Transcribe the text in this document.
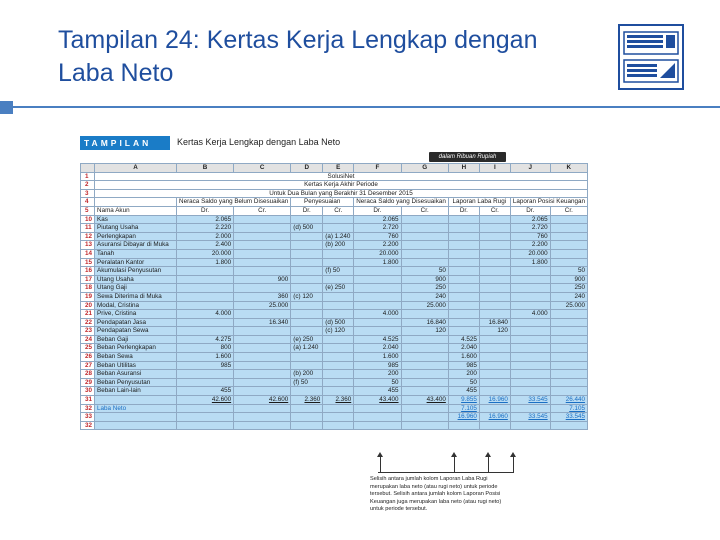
Tampilan 24: Kertas Kerja Lengkap dengan
Laba Neto
TAMPILAN 24
Kertas Kerja Lengkap dengan Laba Neto
dalam Ribuan Rupiah
	A	B	C	D	E	F	G	H	I	J	K
1	SolusiNet										
2	Kertas Kerja Akhir Periode										
3	Untuk Dua Bulan yang Berakhir 31 Desember 2015										
4		Neraca Saldo yang Belum Disesuaikan		Penyesuaian		Neraca Saldo yang Disesuaikan		Laporan Laba Rugi		Laporan Posisi Keuangan	
5	Nama Akun	Dr.	Cr.	Dr.	Cr.	Dr.	Cr.	Dr.	Cr.	Dr.	Cr.
10	Kas	2.065				2.065				2.065	
11	Piutang Usaha	2.220		(d) 500		2.720				2.720	
12	Perlengkapan	2.000			(a) 1.240	760				760	
13	Asuransi Dibayar di Muka	2.400			(b) 200	2.200				2.200	
14	Tanah	20.000				20.000				20.000	
15	Peralatan Kantor	1.800				1.800				1.800	
16	Akumulasi Penyusutan				(f) 50		50				50
17	Utang Usaha		900				900				900
18	Utang Gaji				(e) 250		250				250
19	Sewa Diterima di Muka		360	(c) 120			240				240
20	Modal, Cristina		25.000				25.000				25.000
21	Prive, Cristina	4.000				4.000				4.000	
22	Pendapatan Jasa		16.340		(d) 500		16.840		16.840		
23	Pendapatan Sewa				(c) 120		120		120		
24	Beban Gaji	4.275		(e) 250		4.525		4.525			
25	Beban Perlengkapan	800		(a) 1.240		2.040		2.040			
26	Beban Sewa	1.600				1.600		1.600			
27	Beban Utilitas	985				985		985			
28	Beban Asuransi			(b) 200		200		200			
29	Beban Penyusutan			(f) 50		50		50			
30	Beban Lain-lain	455				455		455			
31		42.600	42.600	2.360	2.360	43.400	43.400	9.855	16.960	33.545	26.440
32	Laba Neto							7.105			7.105
33								16.960	16.960	33.545	33.545
32											
Selisih antara jumlah kolom Laporan Laba Rugi merupakan laba neto (atau rugi neto) untuk periode tersebut. Selisih antara jumlah kolom Laporan Posisi Keuangan juga merupakan laba neto (atau rugi neto) untuk periode tersebut.
